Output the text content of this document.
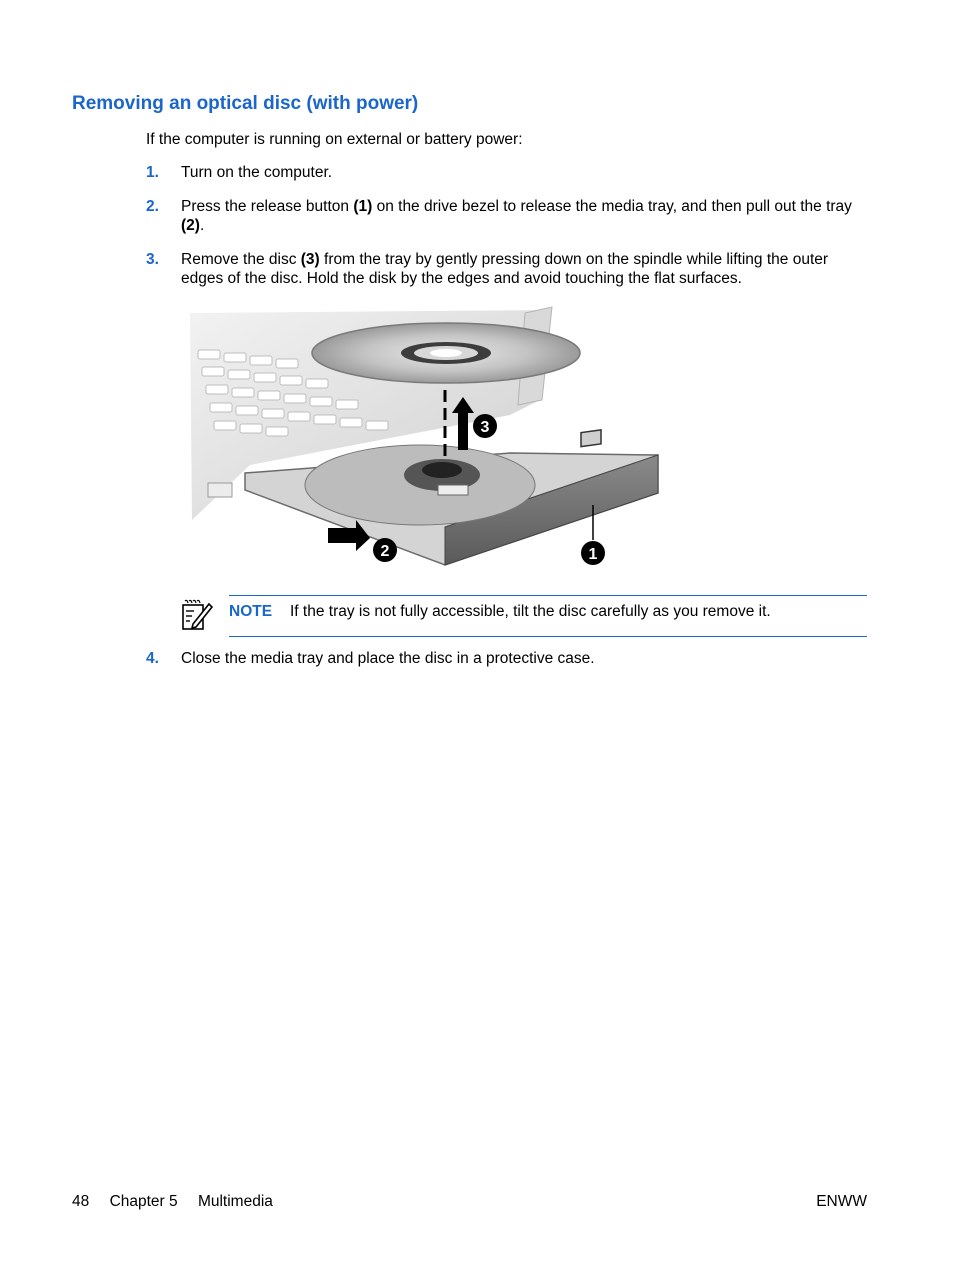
Removing an optical disc (with power)
If the computer is running on external or battery power:
1.	Turn on the computer.
2.	Press the release button (1) on the drive bezel to release the media tray, and then pull out the tray (2).
3.	Remove the disc (3) from the tray by gently pressing down on the spindle while lifting the outer edges of the disc. Hold the disk by the edges and avoid touching the flat surfaces.
3
2	1
NOTE If the tray is not fully accessible, tilt the disc carefully as you remove it.
4.	Close the media tray and place the disc in a protective case.
48 Chapter 5 Multimedia	ENWW
